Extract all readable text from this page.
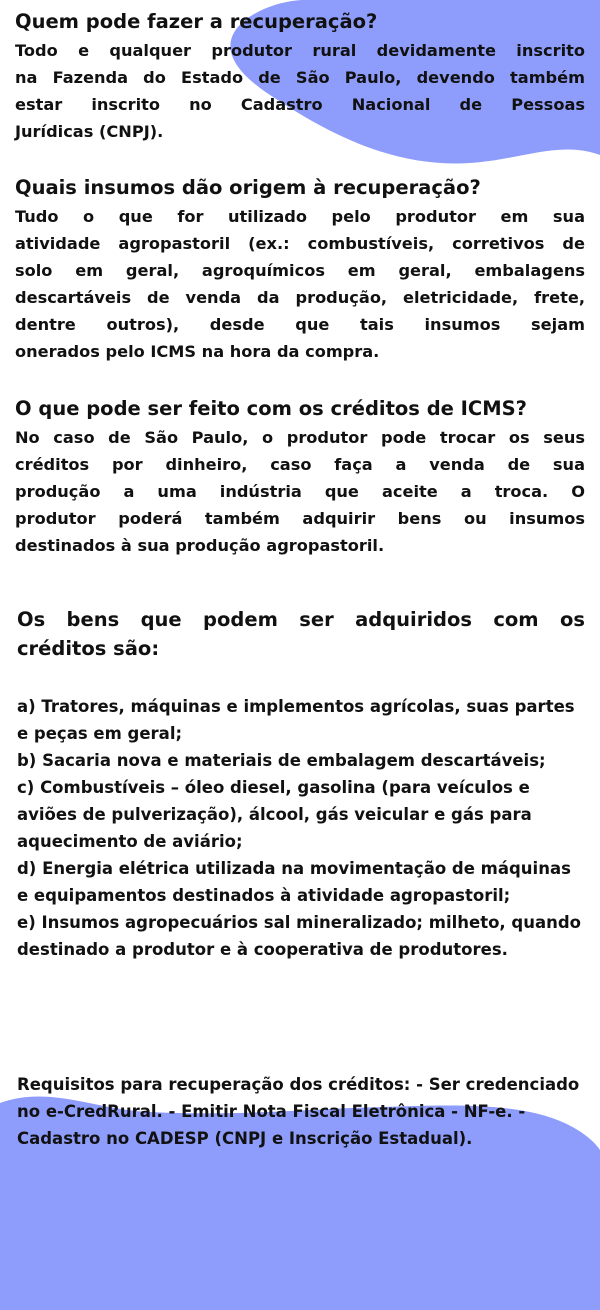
Quem pode fazer a recuperação?
Todo e qualquer produtor rural devidamente inscrito
na Fazenda do Estado de São Paulo, devendo também
estar inscrito no Cadastro Nacional de Pessoas
Jurídicas (CNPJ).
Quais insumos dão origem à recuperação?
Tudo o que for utilizado pelo produtor em sua
atividade agropastoril (ex.: combustíveis, corretivos de
solo em geral, agroquímicos em geral, embalagens
descartáveis de venda da produção, eletricidade, frete,
dentre outros), desde que tais insumos sejam
onerados pelo ICMS na hora da compra.
O que pode ser feito com os créditos de ICMS?
No caso de São Paulo, o produtor pode trocar os seus
créditos por dinheiro, caso faça a venda de sua
produção a uma indústria que aceite a troca. O
produtor poderá também adquirir bens ou insumos
destinados à sua produção agropastoril.
Os bens que podem ser adquiridos com os
créditos são:
a) Tratores, máquinas e implementos agrícolas, suas partes e peças em geral;
b) Sacaria nova e materiais de embalagem descartáveis;
c) Combustíveis – óleo diesel, gasolina (para veículos e aviões de pulverização), álcool, gás veicular e gás para aquecimento de aviário;
d) Energia elétrica utilizada na movimentação de máquinas e equipamentos destinados à atividade agropastoril;
e) Insumos agropecuários sal mineralizado; milheto, quando destinado a produtor e à cooperativa de produtores.
Requisitos para recuperação dos créditos: - Ser credenciado no e-CredRural. - Emitir Nota Fiscal Eletrônica - NF-e. -Cadastro no CADESP (CNPJ e Inscrição Estadual).
